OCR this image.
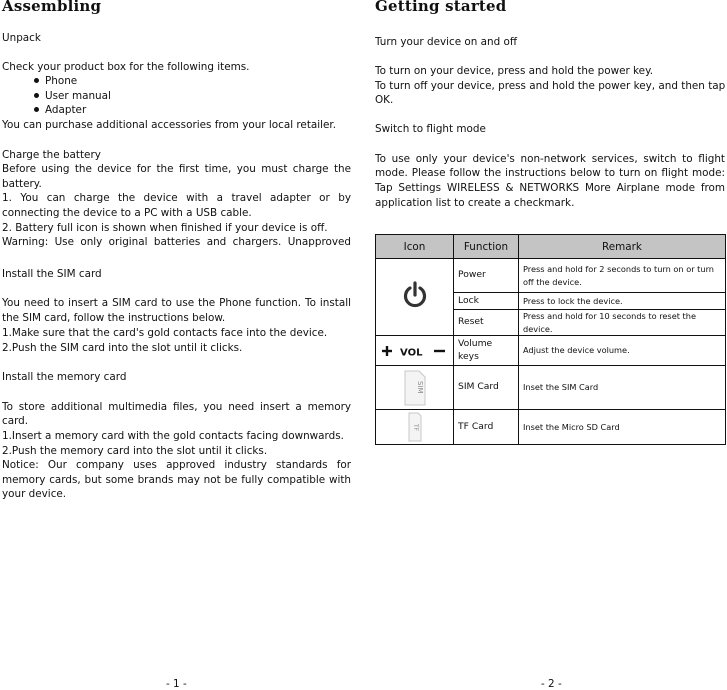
Assembling
Unpack
Check your product box for the following items.
Phone
User manual
Adapter
You can purchase additional accessories from your local retailer.
Charge the battery
Before using the device for the first time, you must charge the
battery.
1. You can charge the device with a travel adapter or by
connecting the device to a PC with a USB cable.
2. Battery full icon is shown when finished if your device is off.
Warning: Use only original batteries and chargers. Unapproved
Install the SIM card
You need to insert a SIM card to use the Phone function. To install
the SIM card, follow the instructions below.
1.Make sure that the card's gold contacts face into the device.
2.Push the SIM card into the slot until it clicks.
Install the memory card
To store additional multimedia files, you need insert a memory
card.
1.Insert a memory card with the gold contacts facing downwards.
2.Push the memory card into the slot until it clicks.
Notice: Our company uses approved industry standards for
memory cards, but some brands may not be fully compatible with
your device.
- 1 -
Getting started
Turn your device on and off
To turn on your device, press and hold the power key.
To turn off your device, press and hold the power key, and then tap
OK.
Switch to flight mode
To use only your device's non-network services, switch to flight
mode. Please follow the instructions below to turn on flight mode:
Tap Settings WIRELESS & NETWORKS More Airplane mode from
application list to create a checkmark.
Icon	Function	Remark

	Power	Press and hold for 2 seconds to turn on or turn off the device.
	Lock	Press to lock the device.
	Reset	Press and hold for 10 seconds to reset the device.

VOL	Volume keys	Adjust the device volume.

SIM	SIM Card	Inset the SIM Card

TF	TF Card	Inset the Micro SD Card
- 2 -
